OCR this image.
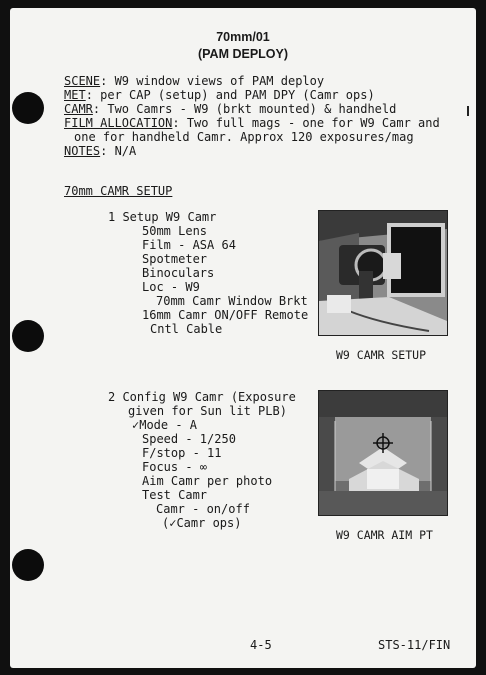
70mm/01
(PAM DEPLOY)
SCENE: W9 window views of PAM deploy
MET: per CAP (setup) and PAM DPY (Camr ops)
CAMR: Two Camrs - W9 (brkt mounted) & handheld
FILM ALLOCATION: Two full mags - one for W9 Camr and
one for handheld Camr. Approx 120 exposures/mag
NOTES: N/A
70mm CAMR SETUP
1 Setup W9 Camr
50mm Lens
Film - ASA 64
Spotmeter
Binoculars
Loc - W9
70mm Camr Window Brkt
16mm Camr ON/OFF Remote
Cntl Cable
W9 CAMR SETUP
2 Config W9 Camr (Exposure
given for Sun lit PLB)
✓Mode - A
Speed - 1/250
F/stop - 11
Focus - ∞
Aim Camr per photo
Test Camr
Camr - on/off
(✓Camr ops)
W9 CAMR AIM PT
4-5	STS-11/FIN
